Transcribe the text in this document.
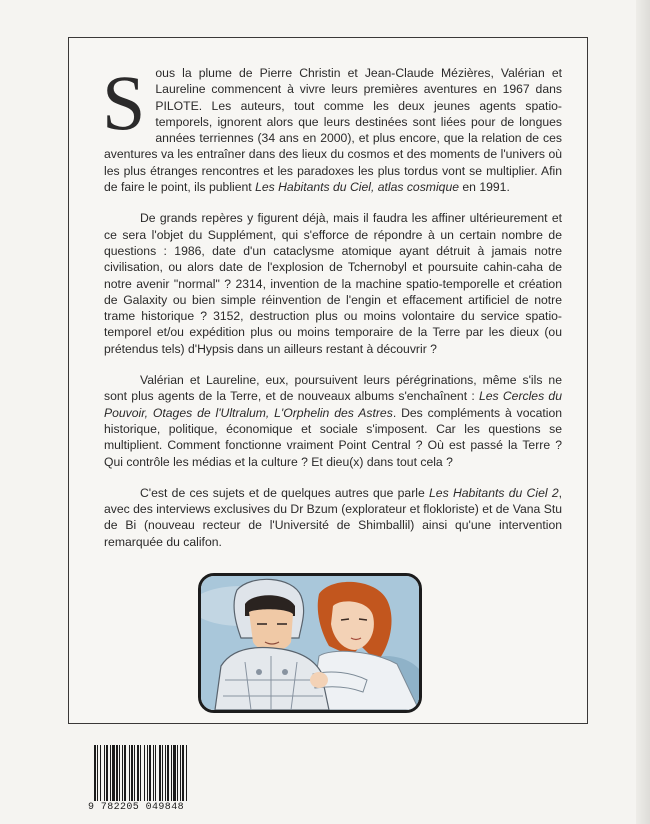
Sous la plume de Pierre Christin et Jean-Claude Mézières, Valérian et Laureline commencent à vivre leurs premières aventures en 1967 dans PILOTE. Les auteurs, tout comme les deux jeunes agents spatio-temporels, ignorent alors que leurs destinées sont liées pour de longues années terriennes (34 ans en 2000), et plus encore, que la relation de ces aventures va les entraîner dans des lieux du cosmos et des moments de l'univers où les plus étranges rencontres et les paradoxes les plus tordus vont se multiplier. Afin de faire le point, ils publient Les Habitants du Ciel, atlas cosmique en 1991.

De grands repères y figurent déjà, mais il faudra les affiner ultérieurement et ce sera l'objet du Supplément, qui s'efforce de répondre à un certain nombre de questions : 1986, date d'un cataclysme atomique ayant détruit à jamais notre civilisation, ou alors date de l'explosion de Tchernobyl et poursuite cahin-caha de notre avenir "normal" ? 2314, invention de la machine spatio-temporelle et création de Galaxity ou bien simple réinvention de l'engin et effacement artificiel de notre trame historique ? 3152, destruction plus ou moins volontaire du service spatio-temporel et/ou expédition plus ou moins temporaire de la Terre par les dieux (ou prétendus tels) d'Hypsis dans un ailleurs restant à découvrir ?

Valérian et Laureline, eux, poursuivent leurs pérégrinations, même s'ils ne sont plus agents de la Terre, et de nouveaux albums s'enchaînent : Les Cercles du Pouvoir, Otages de l'Ultralum, L'Orphelin des Astres. Des compléments à vocation historique, politique, économique et sociale s'imposent. Car les questions se multiplient. Comment fonctionne vraiment Point Central ? Où est passé la Terre ? Qui contrôle les médias et la culture ? Et dieu(x) dans tout cela ?

C'est de ces sujets et de quelques autres que parle Les Habitants du Ciel 2, avec des interviews exclusives du Dr Bzum (explorateur et flokloriste) et de Vana Stu de Bi (nouveau recteur de l'Université de Shimballil) ainsi qu'une intervention remarquée du califon.

9 782205 049848
